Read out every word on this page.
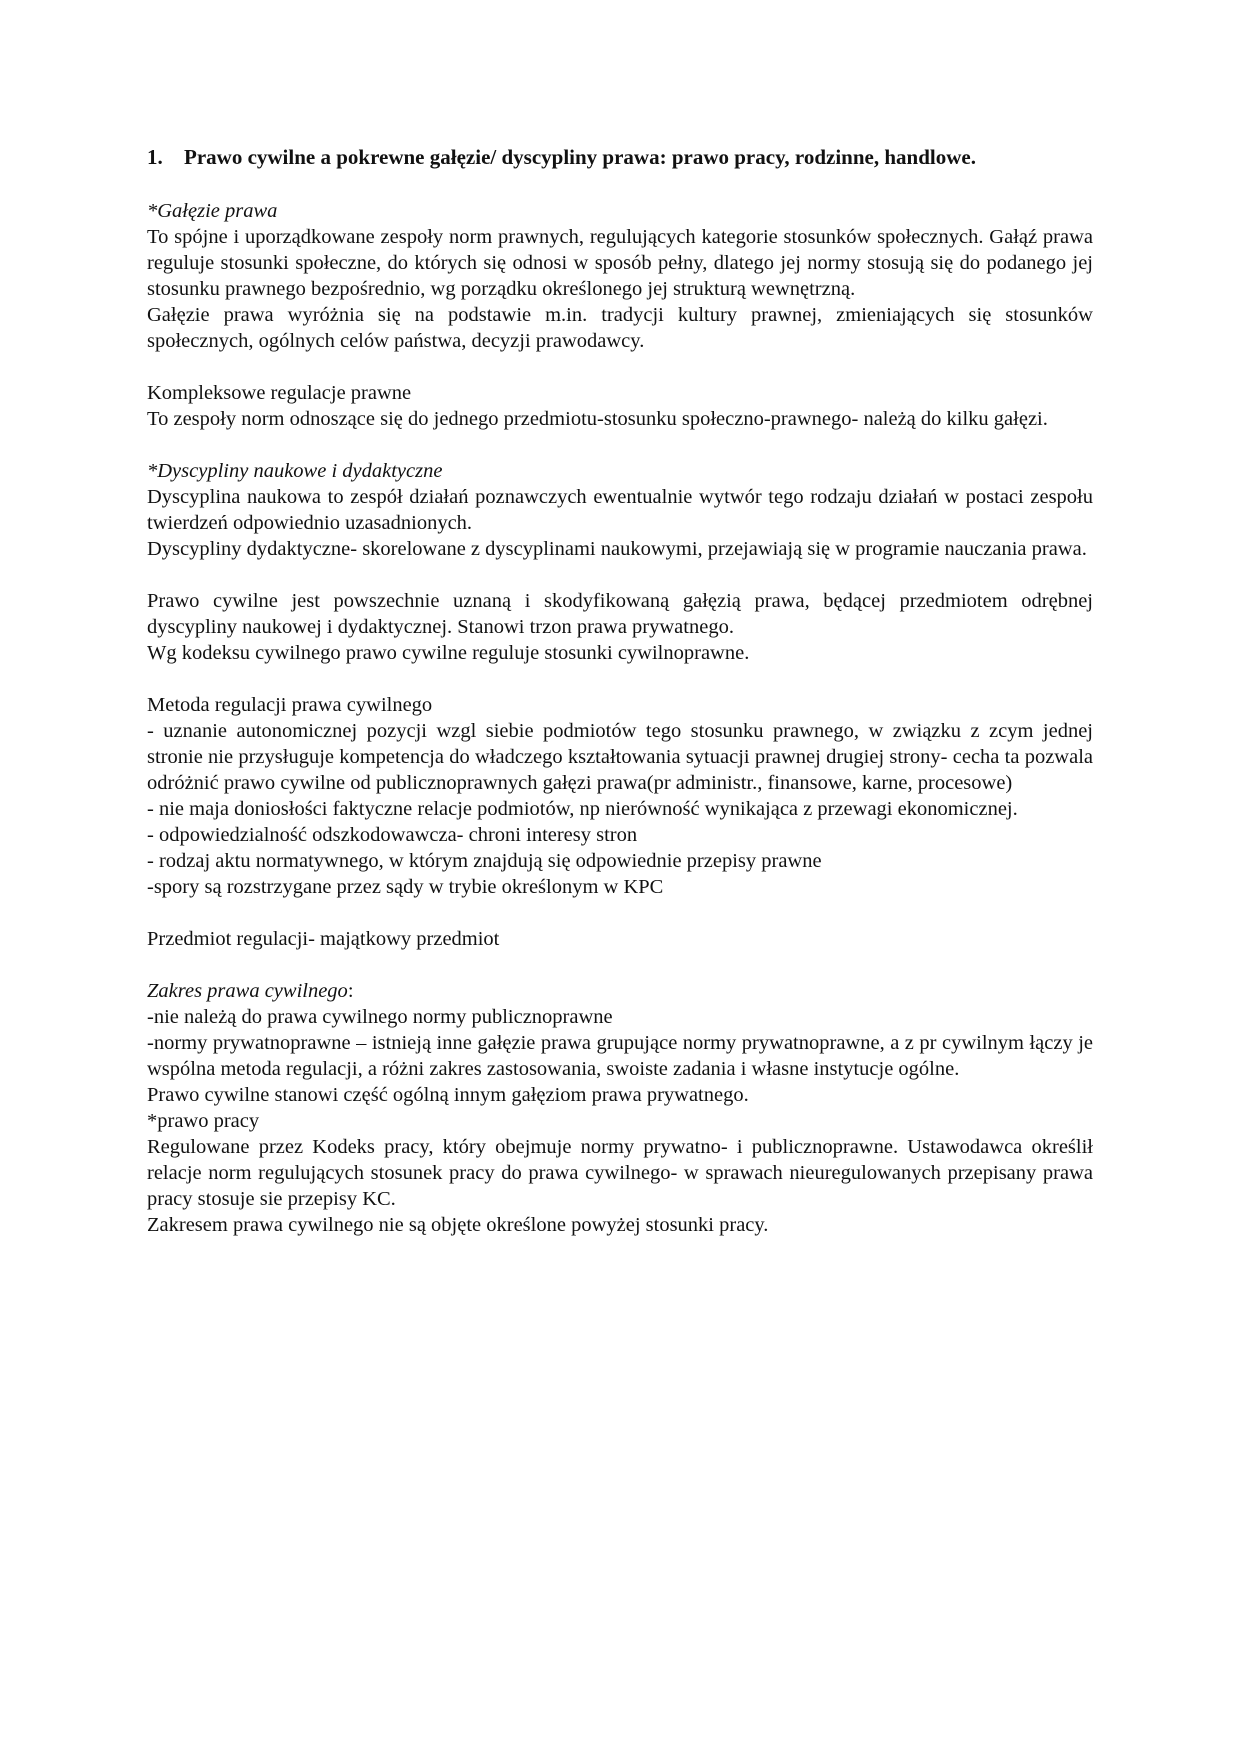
1.	Prawo cywilne a pokrewne gałęzie/ dyscypliny prawa: prawo pracy, rodzinne, handlowe.

*Gałęzie prawa

To spójne i uporządkowane zespoły norm prawnych, regulujących kategorie stosunków społecznych. Gałąź prawa reguluje stosunki społeczne, do których się odnosi w sposób pełny, dlatego jej normy stosują się do podanego jej stosunku prawnego bezpośrednio, wg porządku określonego jej strukturą wewnętrzną.

Gałęzie prawa wyróżnia się na podstawie m.in. tradycji kultury prawnej, zmieniających się stosunków społecznych, ogólnych celów państwa, decyzji prawodawcy.

Kompleksowe regulacje prawne

To zespoły norm odnoszące się do jednego przedmiotu-stosunku społeczno-prawnego- należą do kilku gałęzi.

*Dyscypliny naukowe i dydaktyczne

Dyscyplina naukowa to zespół działań poznawczych ewentualnie wytwór tego rodzaju działań w postaci zespołu twierdzeń odpowiednio uzasadnionych.

Dyscypliny dydaktyczne- skorelowane z dyscyplinami naukowymi, przejawiają się w programie nauczania prawa.

Prawo cywilne jest powszechnie uznaną i skodyfikowaną gałęzią prawa, będącej przedmiotem odrębnej dyscypliny naukowej i dydaktycznej. Stanowi trzon prawa prywatnego.

Wg kodeksu cywilnego prawo cywilne reguluje stosunki cywilnoprawne.

Metoda regulacji prawa cywilnego

- uznanie autonomicznej pozycji wzgl siebie podmiotów tego stosunku prawnego, w związku z zcym jednej stronie nie przysługuje kompetencja do władczego kształtowania sytuacji prawnej drugiej strony- cecha ta pozwala odróżnić prawo cywilne od publicznoprawnych gałęzi prawa(pr administr., finansowe, karne, procesowe)

- nie maja doniosłości faktyczne relacje podmiotów, np nierówność wynikająca z przewagi ekonomicznej.

- odpowiedzialność odszkodowawcza- chroni interesy stron

- rodzaj aktu normatywnego, w którym znajdują się odpowiednie przepisy prawne

-spory są rozstrzygane przez sądy w trybie określonym w KPC

Przedmiot regulacji- majątkowy przedmiot

Zakres prawa cywilnego:

-nie należą do prawa cywilnego normy publicznoprawne

-normy prywatnoprawne – istnieją inne gałęzie prawa grupujące normy prywatnoprawne, a z pr cywilnym łączy je wspólna metoda regulacji, a różni zakres zastosowania, swoiste zadania i własne instytucje ogólne.

Prawo cywilne stanowi część ogólną innym gałęziom prawa prywatnego.

*prawo pracy

Regulowane przez Kodeks pracy, który obejmuje normy prywatno- i publicznoprawne. Ustawodawca określił relacje norm regulujących stosunek pracy do prawa cywilnego- w sprawach nieuregulowanych przepisany prawa pracy stosuje sie przepisy KC.

Zakresem prawa cywilnego nie są objęte określone powyżej stosunki pracy.
